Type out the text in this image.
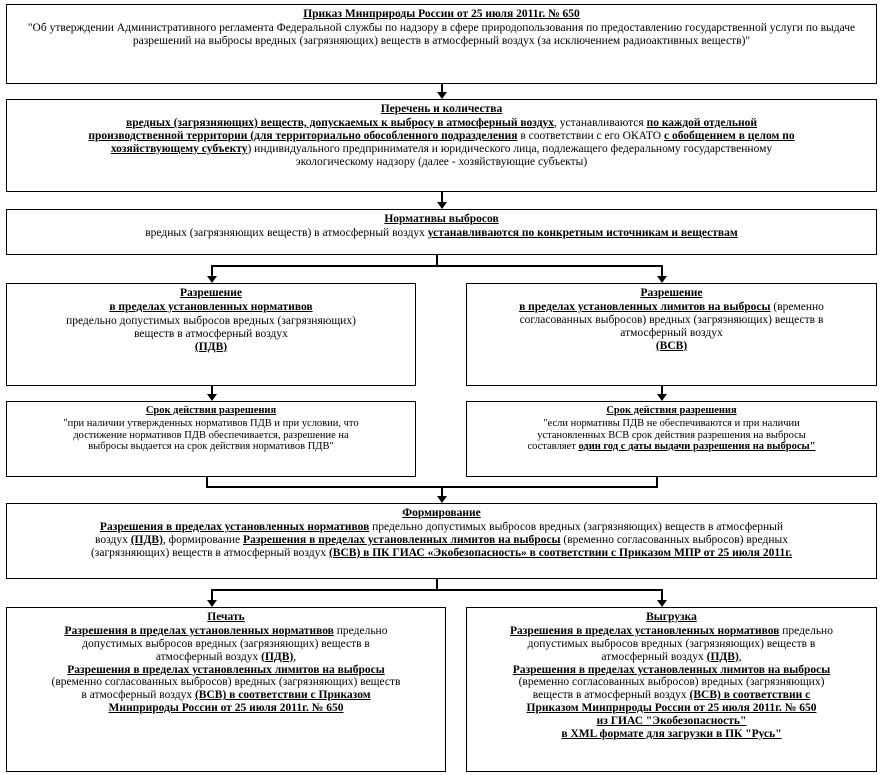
Приказ Минприроды России от 25 июля 2011г. № 650
"Об утверждении Административного регламента Федеральной службы по надзору в сфере природопользования по предоставлению государственной услуги по выдаче разрешений на выбросы вредных (загрязняющих) веществ в атмосферный воздух (за исключением радиоактивных веществ)"
Перечень и количества
вредных (загрязняющих) веществ, допускаемых к выбросу в атмосферный воздух, устанавливаются по каждой отдельной
производственной территории (для территориально обособленного подразделения в соответствии с его ОКАТО с обобщением в целом по
хозяйствующему субъекту) индивидуального предпринимателя и юридического лица, подлежащего федеральному государственному
экологическому надзору (далее - хозяйствующие субъекты)
Нормативы выбросов
вредных (загрязняющих веществ) в атмосферный воздух устанавливаются по конкретным источникам и веществам
Разрешение
в пределах установленных нормативов
предельно допустимых выбросов вредных (загрязняющих)
веществ в атмосферный воздух
(ПДВ)
Разрешение
в пределах установленных лимитов на выбросы (временно
согласованных выбросов) вредных (загрязняющих) веществ в
атмосферный воздух
(ВСВ)
Срок действия разрешения
"при наличии утвержденных нормативов ПДВ и при условии, что
достижение нормативов ПДВ обеспечивается, разрешение на
выбросы выдается на срок действия нормативов ПДВ"
Срок действия разрешения
"если нормативы ПДВ не обеспечиваются и при наличии
установленных ВСВ срок действия разрешения на выбросы
составляет один год с даты выдачи разрешения на выбросы"
Формирование
Разрешения в пределах установленных нормативов предельно допустимых выбросов вредных (загрязняющих) веществ в атмосферный
воздух (ПДВ), формирование Разрешения в пределах установленных лимитов на выбросы (временно согласованных выбросов) вредных
(загрязняющих) веществ в атмосферный воздух (ВСВ) в ПК ГИАС «Экобезопасность» в соответствии с Приказом МПР от 25 июля 2011г.
Печать
Разрешения в пределах установленных нормативов предельно
допустимых выбросов вредных (загрязняющих) веществ в
атмосферный воздух (ПДВ),
Разрешения в пределах установленных лимитов на выбросы
(временно согласованных выбросов) вредных (загрязняющих) веществ
в атмосферный воздух (ВСВ) в соответствии с Приказом
Минприроды России от 25 июля 2011г. № 650
Выгрузка
Разрешения в пределах установленных нормативов предельно
допустимых выбросов вредных (загрязняющих) веществ в
атмосферный воздух (ПДВ),
Разрешения в пределах установленных лимитов на выбросы
(временно согласованных выбросов) вредных (загрязняющих)
веществ в атмосферный воздух (ВСВ) в соответствии с
Приказом Минприроды России от 25 июля 2011г. № 650
из ГИАС "Экобезопасность"
в XML формате для загрузки в ПК "Русь"
